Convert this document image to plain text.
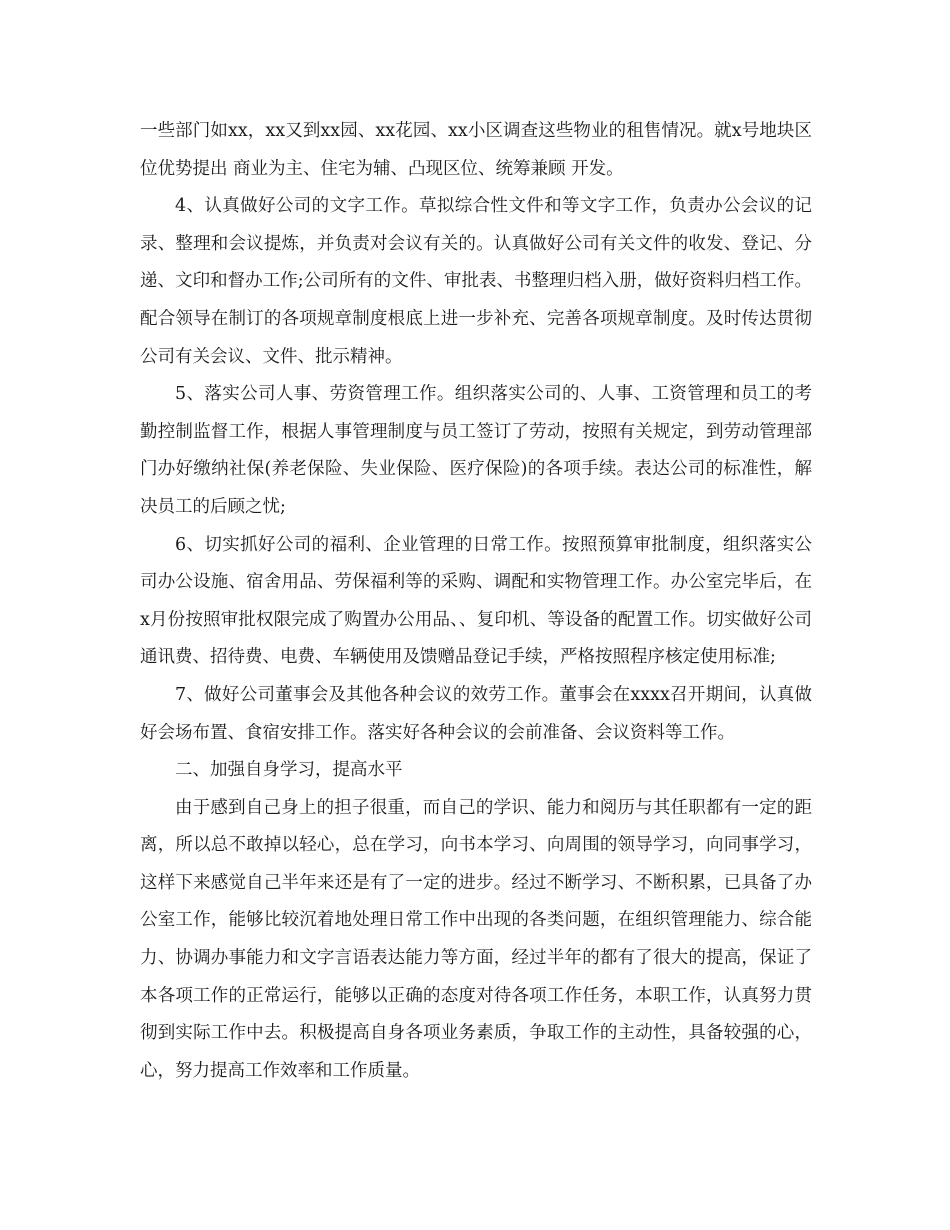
一些部门如xx，xx又到xx园、xx花园、xx小区调查这些物业的租售情况。就x号地块区位优势提出 商业为主、住宅为辅、凸现区位、统筹兼顾 开发。

4、认真做好公司的文字工作。草拟综合性文件和等文字工作，负责办公会议的记录、整理和会议提炼，并负责对会议有关的。认真做好公司有关文件的收发、登记、分递、文印和督办工作;公司所有的文件、审批表、书整理归档入册，做好资料归档工作。配合领导在制订的各项规章制度根底上进一步补充、完善各项规章制度。及时传达贯彻公司有关会议、文件、批示精神。

5、落实公司人事、劳资管理工作。组织落实公司的、人事、工资管理和员工的考勤控制监督工作，根据人事管理制度与员工签订了劳动，按照有关规定，到劳动管理部门办好缴纳社保(养老保险、失业保险、医疗保险)的各项手续。表达公司的标准性，解决员工的后顾之忧;

6、切实抓好公司的福利、企业管理的日常工作。按照预算审批制度，组织落实公司办公设施、宿舍用品、劳保福利等的采购、调配和实物管理工作。办公室完毕后，在x月份按照审批权限完成了购置办公用品、、复印机、等设备的配置工作。切实做好公司通讯费、招待费、电费、车辆使用及馈赠品登记手续，严格按照程序核定使用标准;

7、做好公司董事会及其他各种会议的效劳工作。董事会在xxxx召开期间，认真做好会场布置、食宿安排工作。落实好各种会议的会前准备、会议资料等工作。

二、加强自身学习，提高水平

由于感到自己身上的担子很重，而自己的学识、能力和阅历与其任职都有一定的距离，所以总不敢掉以轻心，总在学习，向书本学习、向周围的领导学习，向同事学习，这样下来感觉自己半年来还是有了一定的进步。经过不断学习、不断积累，已具备了办公室工作，能够比较沉着地处理日常工作中出现的各类问题，在组织管理能力、综合能力、协调办事能力和文字言语表达能力等方面，经过半年的都有了很大的提高，保证了本各项工作的正常运行，能够以正确的态度对待各项工作任务，本职工作，认真努力贯彻到实际工作中去。积极提高自身各项业务素质，争取工作的主动性，具备较强的心，心，努力提高工作效率和工作质量。
